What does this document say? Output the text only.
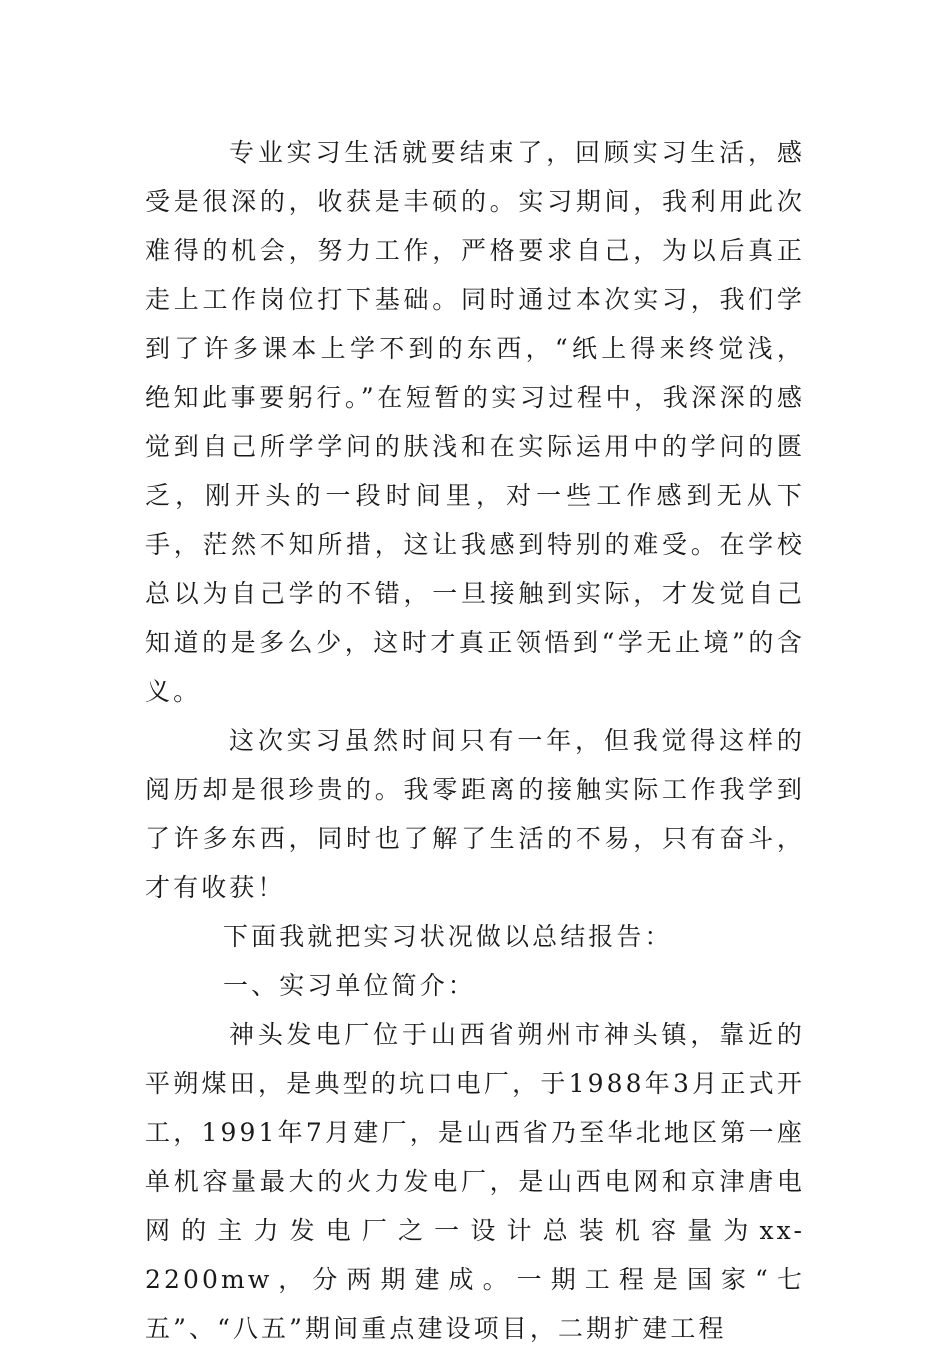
专业实习生活就要结束了，回顾实习生活，感受是很深的，收获是丰硕的。实习期间，我利用此次难得的机会，努力工作，严格要求自己，为以后真正走上工作岗位打下基础。同时通过本次实习，我们学到了许多课本上学不到的东西，“纸上得来终觉浅，绝知此事要躬行。”在短暂的实习过程中，我深深的感觉到自己所学学问的肤浅和在实际运用中的学问的匮乏，刚开头的一段时间里，对一些工作感到无从下手，茫然不知所措，这让我感到特别的难受。在学校总以为自己学的不错，一旦接触到实际，才发觉自己知道的是多么少，这时才真正领悟到“学无止境”的含义。

这次实习虽然时间只有一年，但我觉得这样的阅历却是很珍贵的。我零距离的接触实际工作我学到了许多东西，同时也了解了生活的不易，只有奋斗，才有收获！

下面我就把实习状况做以总结报告：

一、实习单位简介：

神头发电厂位于山西省朔州市神头镇，靠近的平朔煤田，是典型的坑口电厂，于1988年3月正式开工，1991年7月建厂，是山西省乃至华北地区第一座单机容量最大的火力发电厂，是山西电网和京津唐电网的主力发电厂之一设计总装机容量为xx-2200mw，分两期建成。一期工程是国家“七五”、“八五”期间重点建设项目，二期扩建工程
